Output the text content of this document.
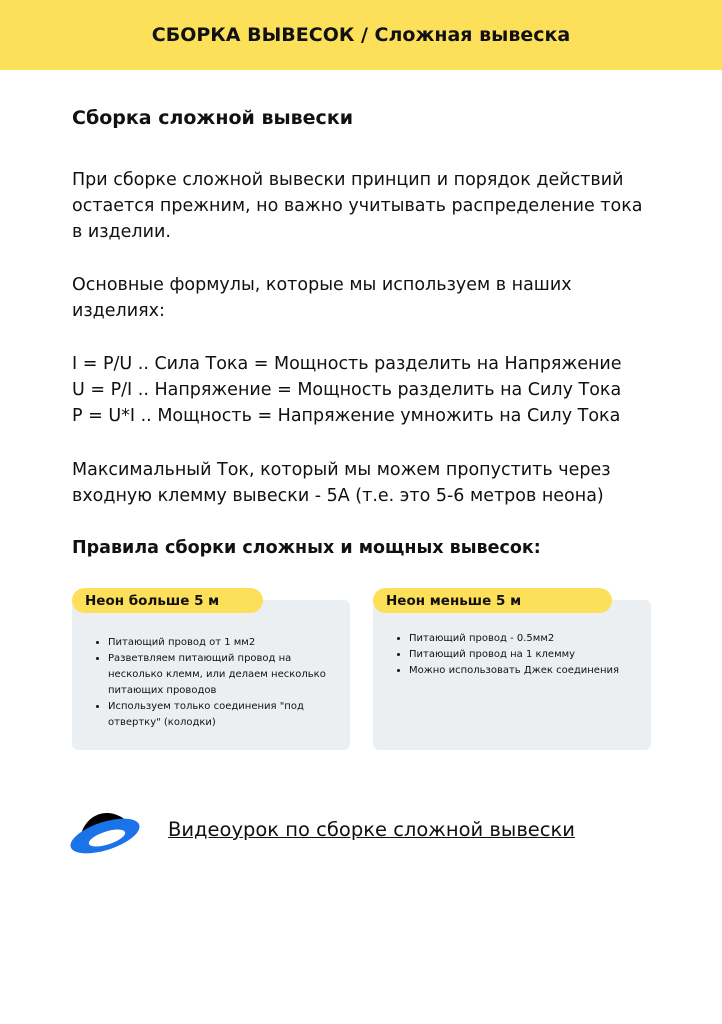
СБОРКА ВЫВЕСОК / Сложная вывеска
Сборка сложной вывески
При сборке сложной вывески принцип и порядок действий
остается прежним, но важно учитывать распределение тока
в изделии.
Основные формулы, которые мы используем в наших
изделиях:
I = P/U .. Сила Тока = Мощность разделить на Напряжение
U = P/I .. Напряжение = Мощность разделить на Силу Тока
P = U*I .. Мощность = Напряжение умножить на Силу Тока
Максимальный Ток, который мы можем пропустить через
входную клемму вывески - 5А (т.е. это 5-6 метров неона)
Правила сборки сложных и мощных вывесок:
• Питающий провод от 1 мм2
• Разветвляем питающий провод на несколько клемм, или делаем несколько питающих проводов
• Используем только соединения "под отвертку" (колодки)
Неон больше 5 м
• Питающий провод - 0.5мм2
• Питающий провод на 1 клемму
• Можно использовать Джек соединения
Неон меньше 5 м
Видеоурок по сборке сложной вывески
